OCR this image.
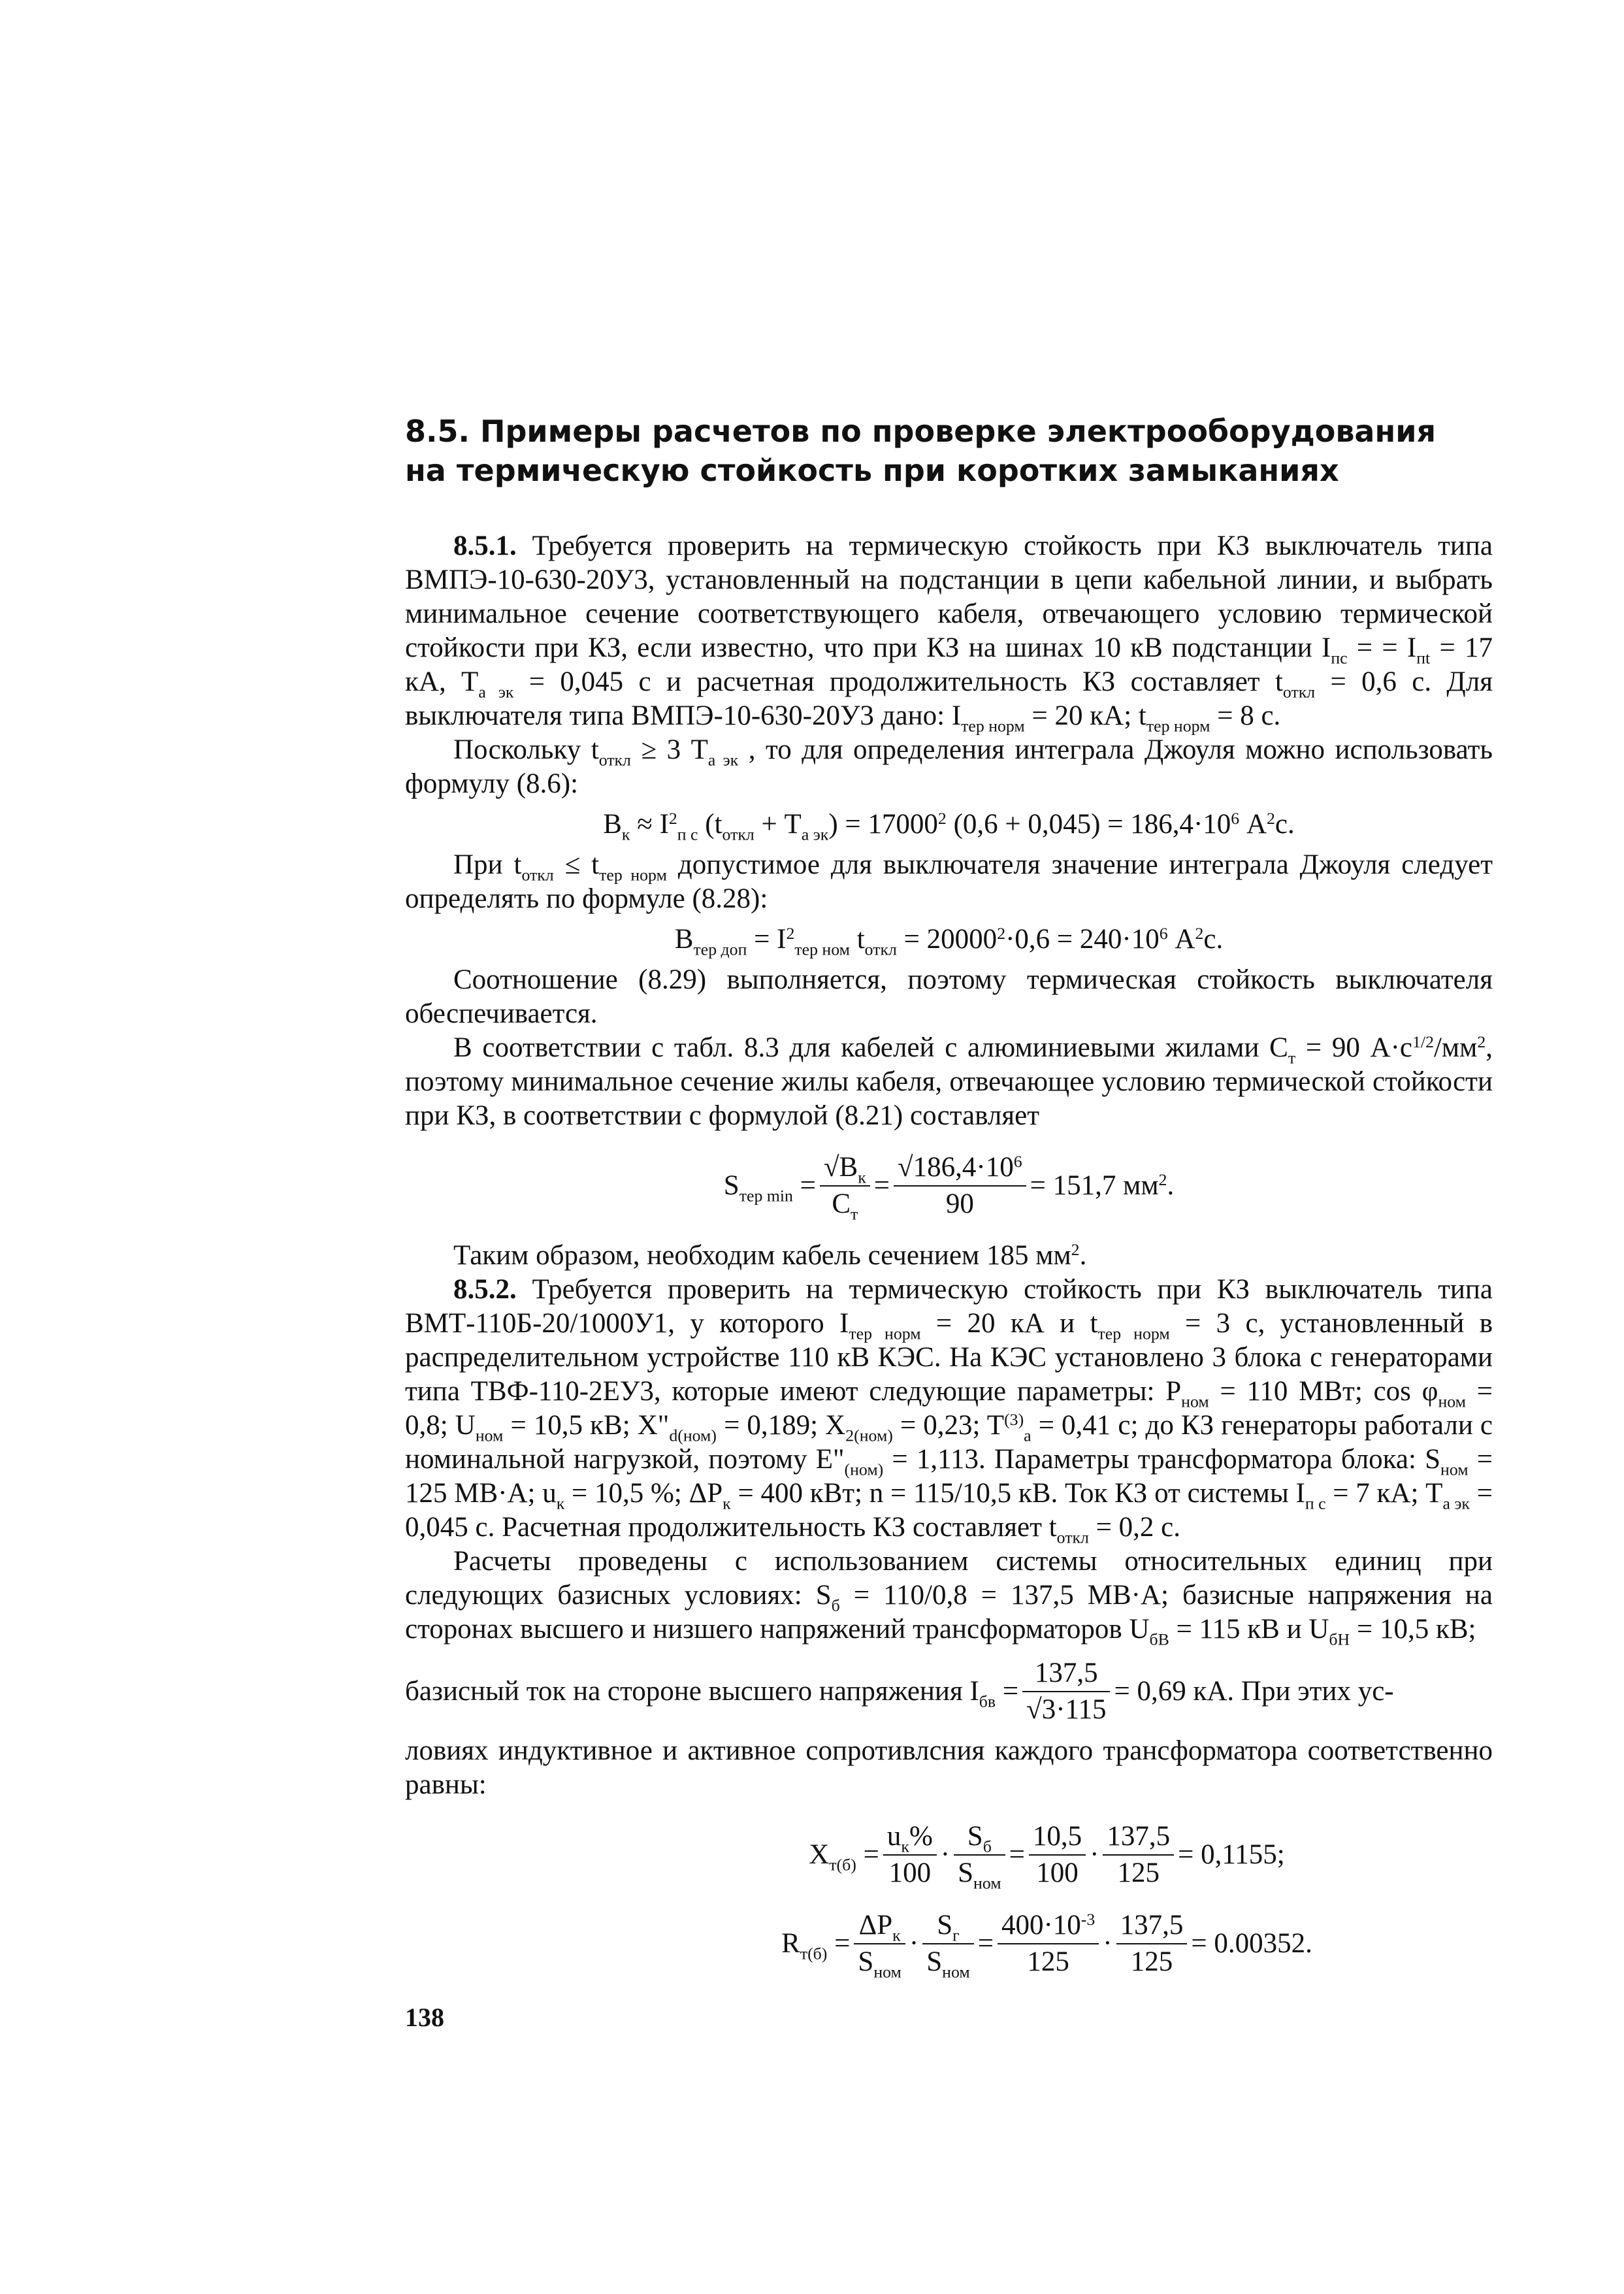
8.5. Примеры расчетов по проверке электрооборудования
на термическую стойкость при коротких замыканиях

8.5.1. Требуется проверить на термическую стойкость при КЗ выключатель типа ВМПЭ-10-630-20У3, установленный на подстанции в цепи кабельной линии, и выбрать минимальное сечение соответствующего кабеля, отвечающего условию термической стойкости при КЗ, если известно, что при КЗ на шинах 10 кВ подстанции $I_{пс}$ = = $I_{пt} = 17$ кА, $T_{а эк} = 0,045$ с и расчетная продолжительность КЗ составляет $t_{откл} = 0,6$ с. Для выключателя типа ВМПЭ-10-630-20У3 дано: $I_{тер норм} = 20$ кА; $t_{тер норм} = 8$ с.

Поскольку $t_{откл} \ge 3$ $T_{а эк}$ , то для определения интеграла Джоуля можно использовать формулу (8.6):

$B_к \approx I^2_{п с}$ $(t_{откл} + T_{а эк}) = 17000^2$ $(0,6 + 0,045) = 186,4\cdot 10^6$ $А^2с$.

При $t_{откл} \le t_{тер норм}$ допустимое для выключателя значение интеграла Джоуля следует определять по формуле (8.28):

$B_{тер доп} = I^2_{тер ном}$ $t_{откл} = 20000^2\cdot 0,6 = 240\cdot 10^6$ $А^2с$.

Соотношение (8.29) выполняется, поэтому термическая стойкость выключателя обеспечивается.

В соответствии с табл. 8.3 для кабелей с алюминиевыми жилами $C_т = 90$ $А\cdot с^{1/2}/мм^2$, поэтому минимальное сечение жилы кабеля, отвечающее условию термической стойкости при КЗ, в соответствии с формулой (8.21) составляет

$S_{тер min} = \frac{√B_к}{C_т} = \frac{√186,4\cdot 10^6}{90} = 151,7$ $мм^2$.

Таким образом, необходим кабель сечением 185 $мм^2$.

8.5.2. Требуется проверить на термическую стойкость при КЗ выключатель типа ВМТ-110Б-20/1000У1, у которого $I_{тер норм} = 20$ кА и $t_{тер норм} = 3$ с, установленный в распределительном устройстве 110 кВ КЭС. На КЭС установлено 3 блока с генераторами типа ТВФ-110-2ЕУ3, которые имеют следующие параметры: $P_{ном} = 110$ МВт; $\cos \varphi_{ном} = 0,8$; $U_{ном} = 10,5$ кВ; $X"_{d(ном)} = 0,189$; $X_{2(ном)} = 0,23$; $T^{(3)}_а = 0,41$ с; до КЗ генераторы работали с номинальной нагрузкой, поэтому $E"_{(ном)} = 1,113$. Параметры трансформатора блока: $S_{ном} = 125$ МВ·А; $u_к = 10,5$ %; $\Delta P_к = 400$ кВт; n = 115/10,5 кВ. Ток КЗ от системы $I_{п с} = 7$ кА; $T_{а эк} = 0,045$ с. Расчетная продолжительность КЗ составляет $t_{откл} = 0,2$ с.

Расчеты проведены с использованием системы относительных единиц при следующих базисных условиях: $S_б = 110/0,8 = 137,5$ МВ·А; базисные напряжения на сторонах высшего и низшего напряжений трансформаторов $U_{бВ} = 115$ кВ и $U_{бН} = 10,5$ кВ;

базисный ток на стороне высшего напряжения $I_{бв} = \frac{137,5}{√3\cdot 115} = 0,69$ кА. При этих ус-

ловиях индуктивное и активное сопротивлсния каждого трансформатора соответственно равны:

$X_{т(б)} = \frac{u_к\%}{100} \cdot \frac{S_б}{S_{ном}} = \frac{10,5}{100} \cdot \frac{137,5}{125} = 0,1155$;
$R_{т(б)} = \frac{\Delta P_к}{S_{ном}} \cdot \frac{S_г}{S_{ном}} = \frac{400\cdot 10^{-3}}{125} \cdot \frac{137,5}{125} = 0.00352$.
138
